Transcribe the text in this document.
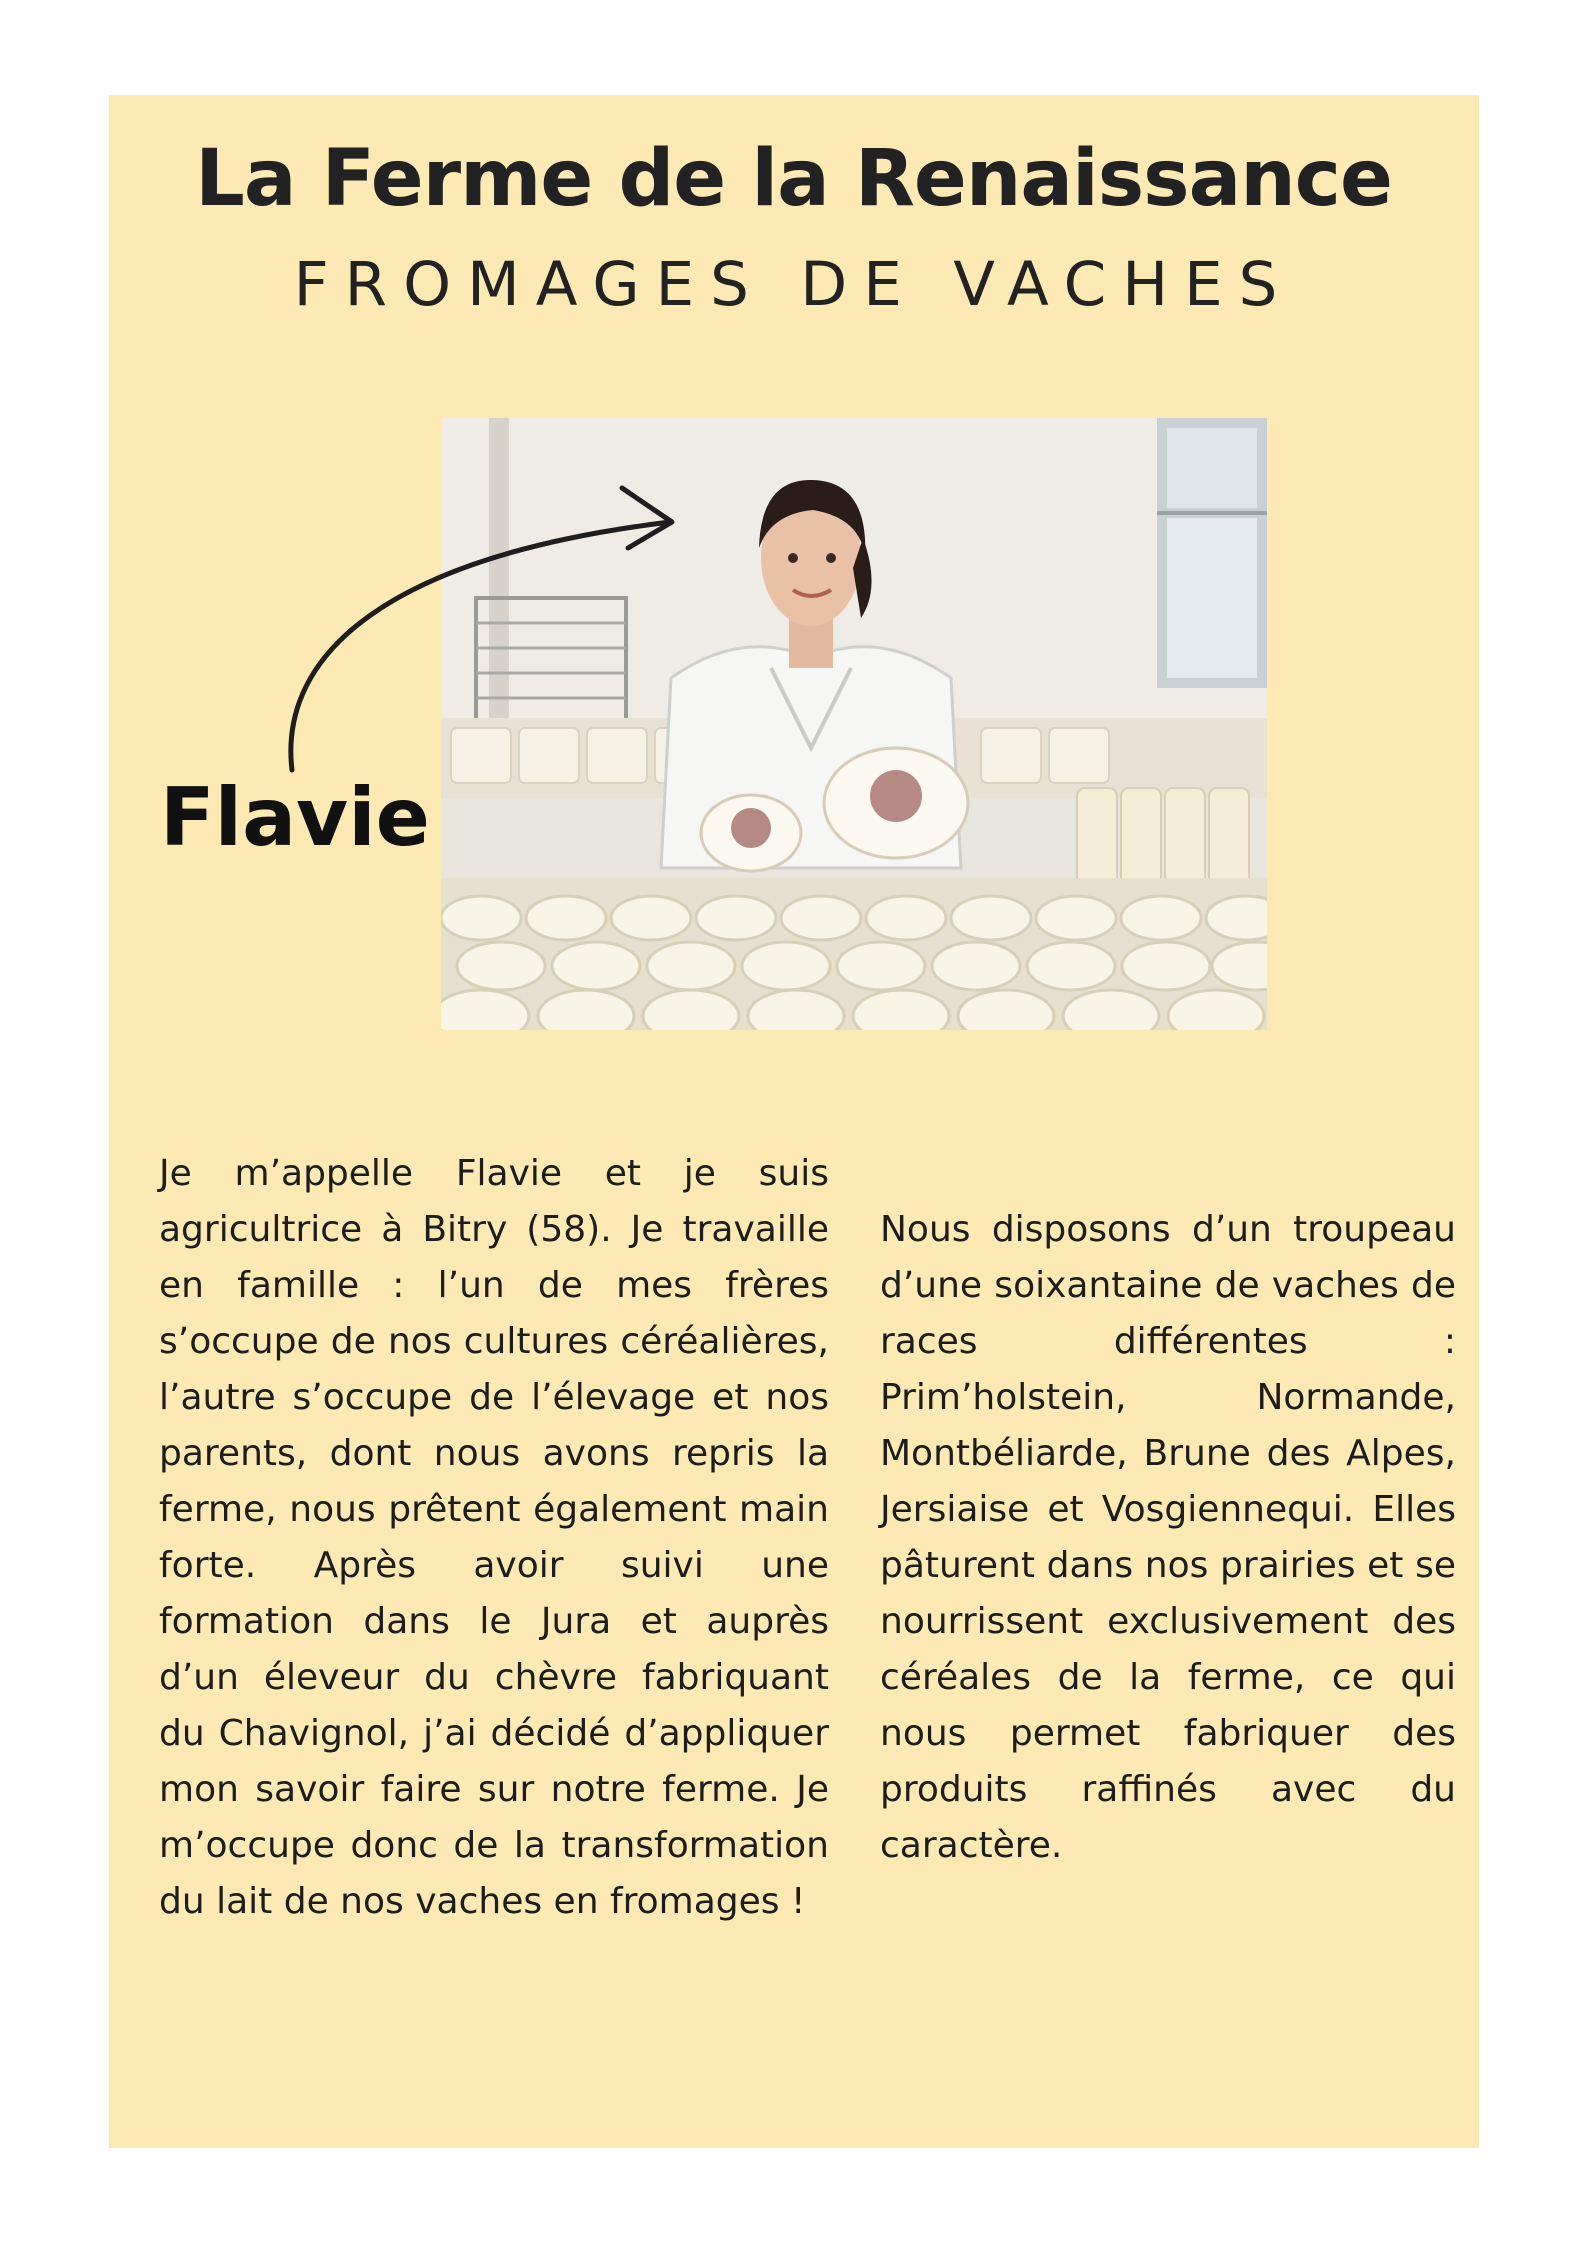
La Ferme de la Renaissance
FROMAGES DE VACHES
Flavie

Je m’appelle Flavie et je suis agricultrice à Bitry (58). Je travaille en famille : l’un de mes frères s’occupe de nos cultures céréalières, l’autre s’occupe de l’élevage et nos parents, dont nous avons repris la ferme, nous prêtent également main forte. Après avoir suivi une formation dans le Jura et auprès d’un éleveur du chèvre fabriquant du Chavignol, j’ai décidé d’appliquer mon savoir faire sur notre ferme. Je m’occupe donc de la transformation du lait de nos vaches en fromages !

Nous disposons d’un troupeau d’une soixantaine de vaches de races différentes : Prim’holstein, Normande, Montbéliarde, Brune des Alpes, Jersiaise et Vosgiennequi. Elles pâturent dans nos prairies et se nourrissent exclusivement des céréales de la ferme, ce qui nous permet fabriquer des produits raffinés avec du caractère.
